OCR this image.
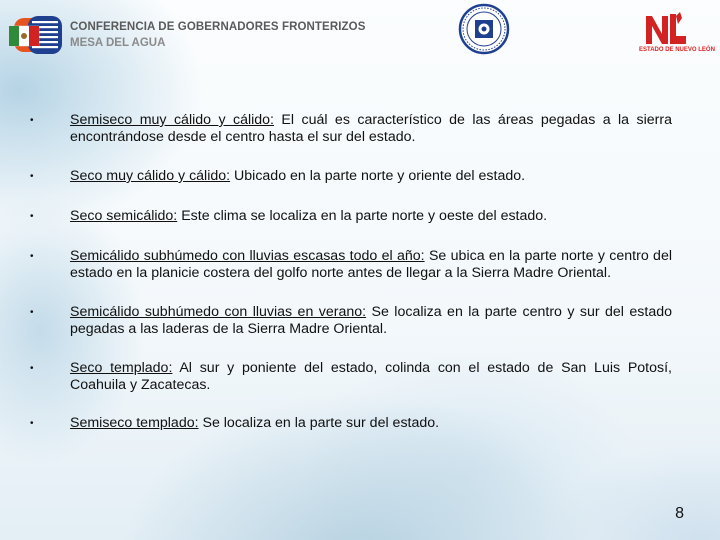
CONFERENCIA DE GOBERNADORES FRONTERIZOS
MESA DEL AGUA
ESTADO DE NUEVO LEÓN
•	Semiseco muy cálido y cálido: El cuál es característico de las áreas pegadas a la sierra encontrándose desde el centro hasta el sur del estado.
•	Seco muy cálido y cálido: Ubicado en la parte norte y oriente del estado.
•	Seco semicálido: Este clima se localiza en la parte norte y oeste del estado.
•	Semicálido subhúmedo con lluvias escasas todo el año: Se ubica en la parte norte y centro del estado en la planicie costera del golfo norte antes de llegar a la Sierra Madre Oriental.
•	Semicálido subhúmedo con lluvias en verano: Se localiza en la parte centro y sur del estado pegadas a las laderas de la Sierra Madre Oriental.
•	Seco templado: Al sur y poniente del estado, colinda con el estado de San Luis Potosí, Coahuila y Zacatecas.
•	Semiseco templado: Se localiza en la parte sur del estado.
8
